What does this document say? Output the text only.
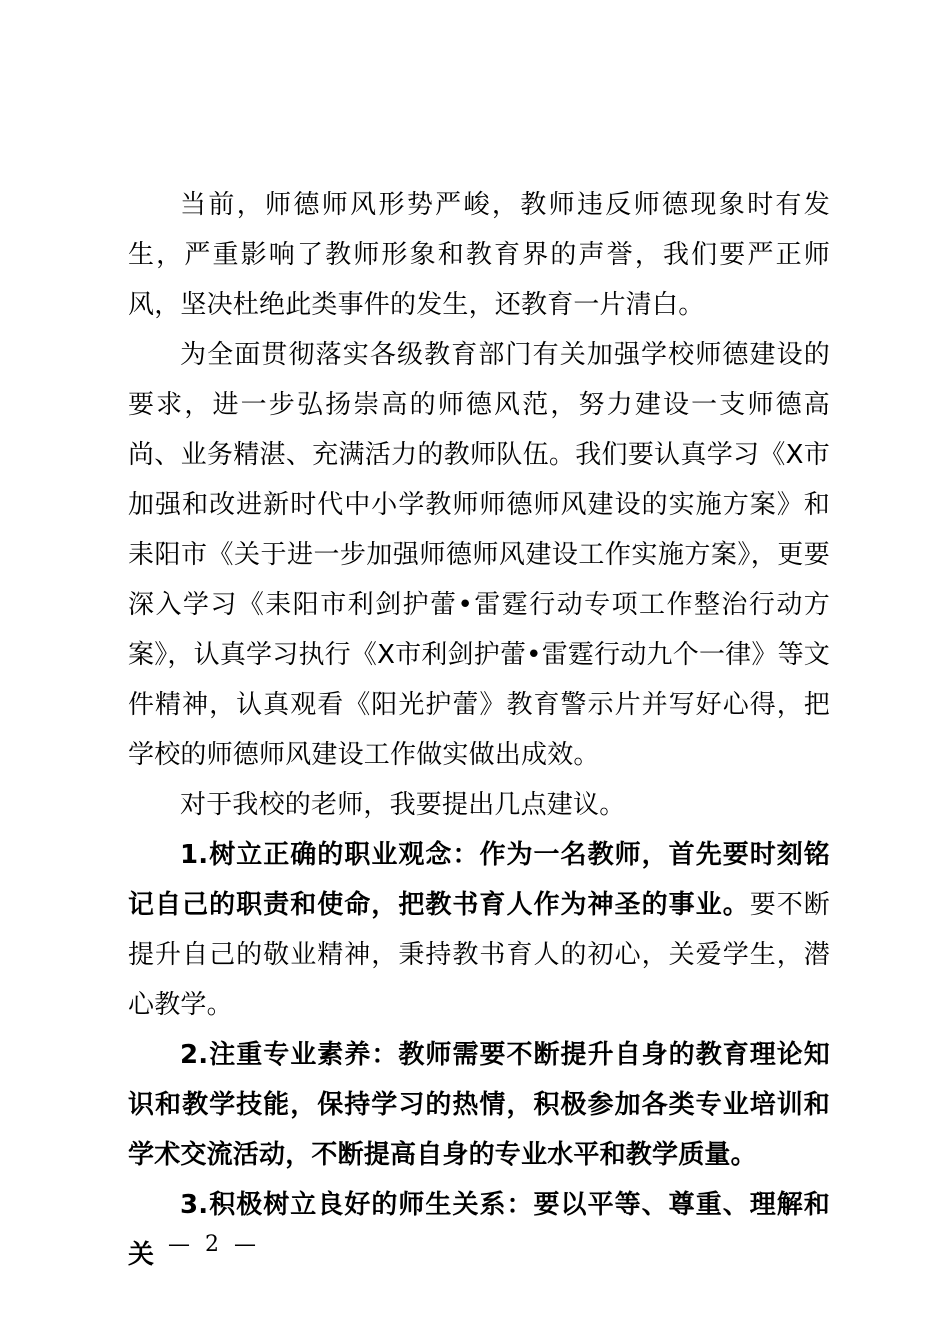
当前，师德师风形势严峻，教师违反师德现象时有发生，严重影响了教师形象和教育界的声誉，我们要严正师风，坚决杜绝此类事件的发生，还教育一片清白。

为全面贯彻落实各级教育部门有关加强学校师德建设的要求，进一步弘扬崇高的师德风范，努力建设一支师德高尚、业务精湛、充满活力的教师队伍。我们要认真学习《X市加强和改进新时代中小学教师师德师风建设的实施方案》和耒阳市《关于进一步加强师德师风建设工作实施方案》，更要深入学习《耒阳市利剑护蕾•雷霆行动专项工作整治行动方案》，认真学习执行《X市利剑护蕾•雷霆行动九个一律》等文件精神，认真观看《阳光护蕾》教育警示片并写好心得，把学校的师德师风建设工作做实做出成效。

对于我校的老师，我要提出几点建议。

1.树立正确的职业观念：作为一名教师，首先要时刻铭记自己的职责和使命，把教书育人作为神圣的事业。要不断提升自己的敬业精神，秉持教书育人的初心，关爱学生，潜心教学。

2.注重专业素养：教师需要不断提升自身的教育理论知识和教学技能，保持学习的热情，积极参加各类专业培训和学术交流活动，不断提高自身的专业水平和教学质量。

3.积极树立良好的师生关系：要以平等、尊重、理解和关 — 2 —
